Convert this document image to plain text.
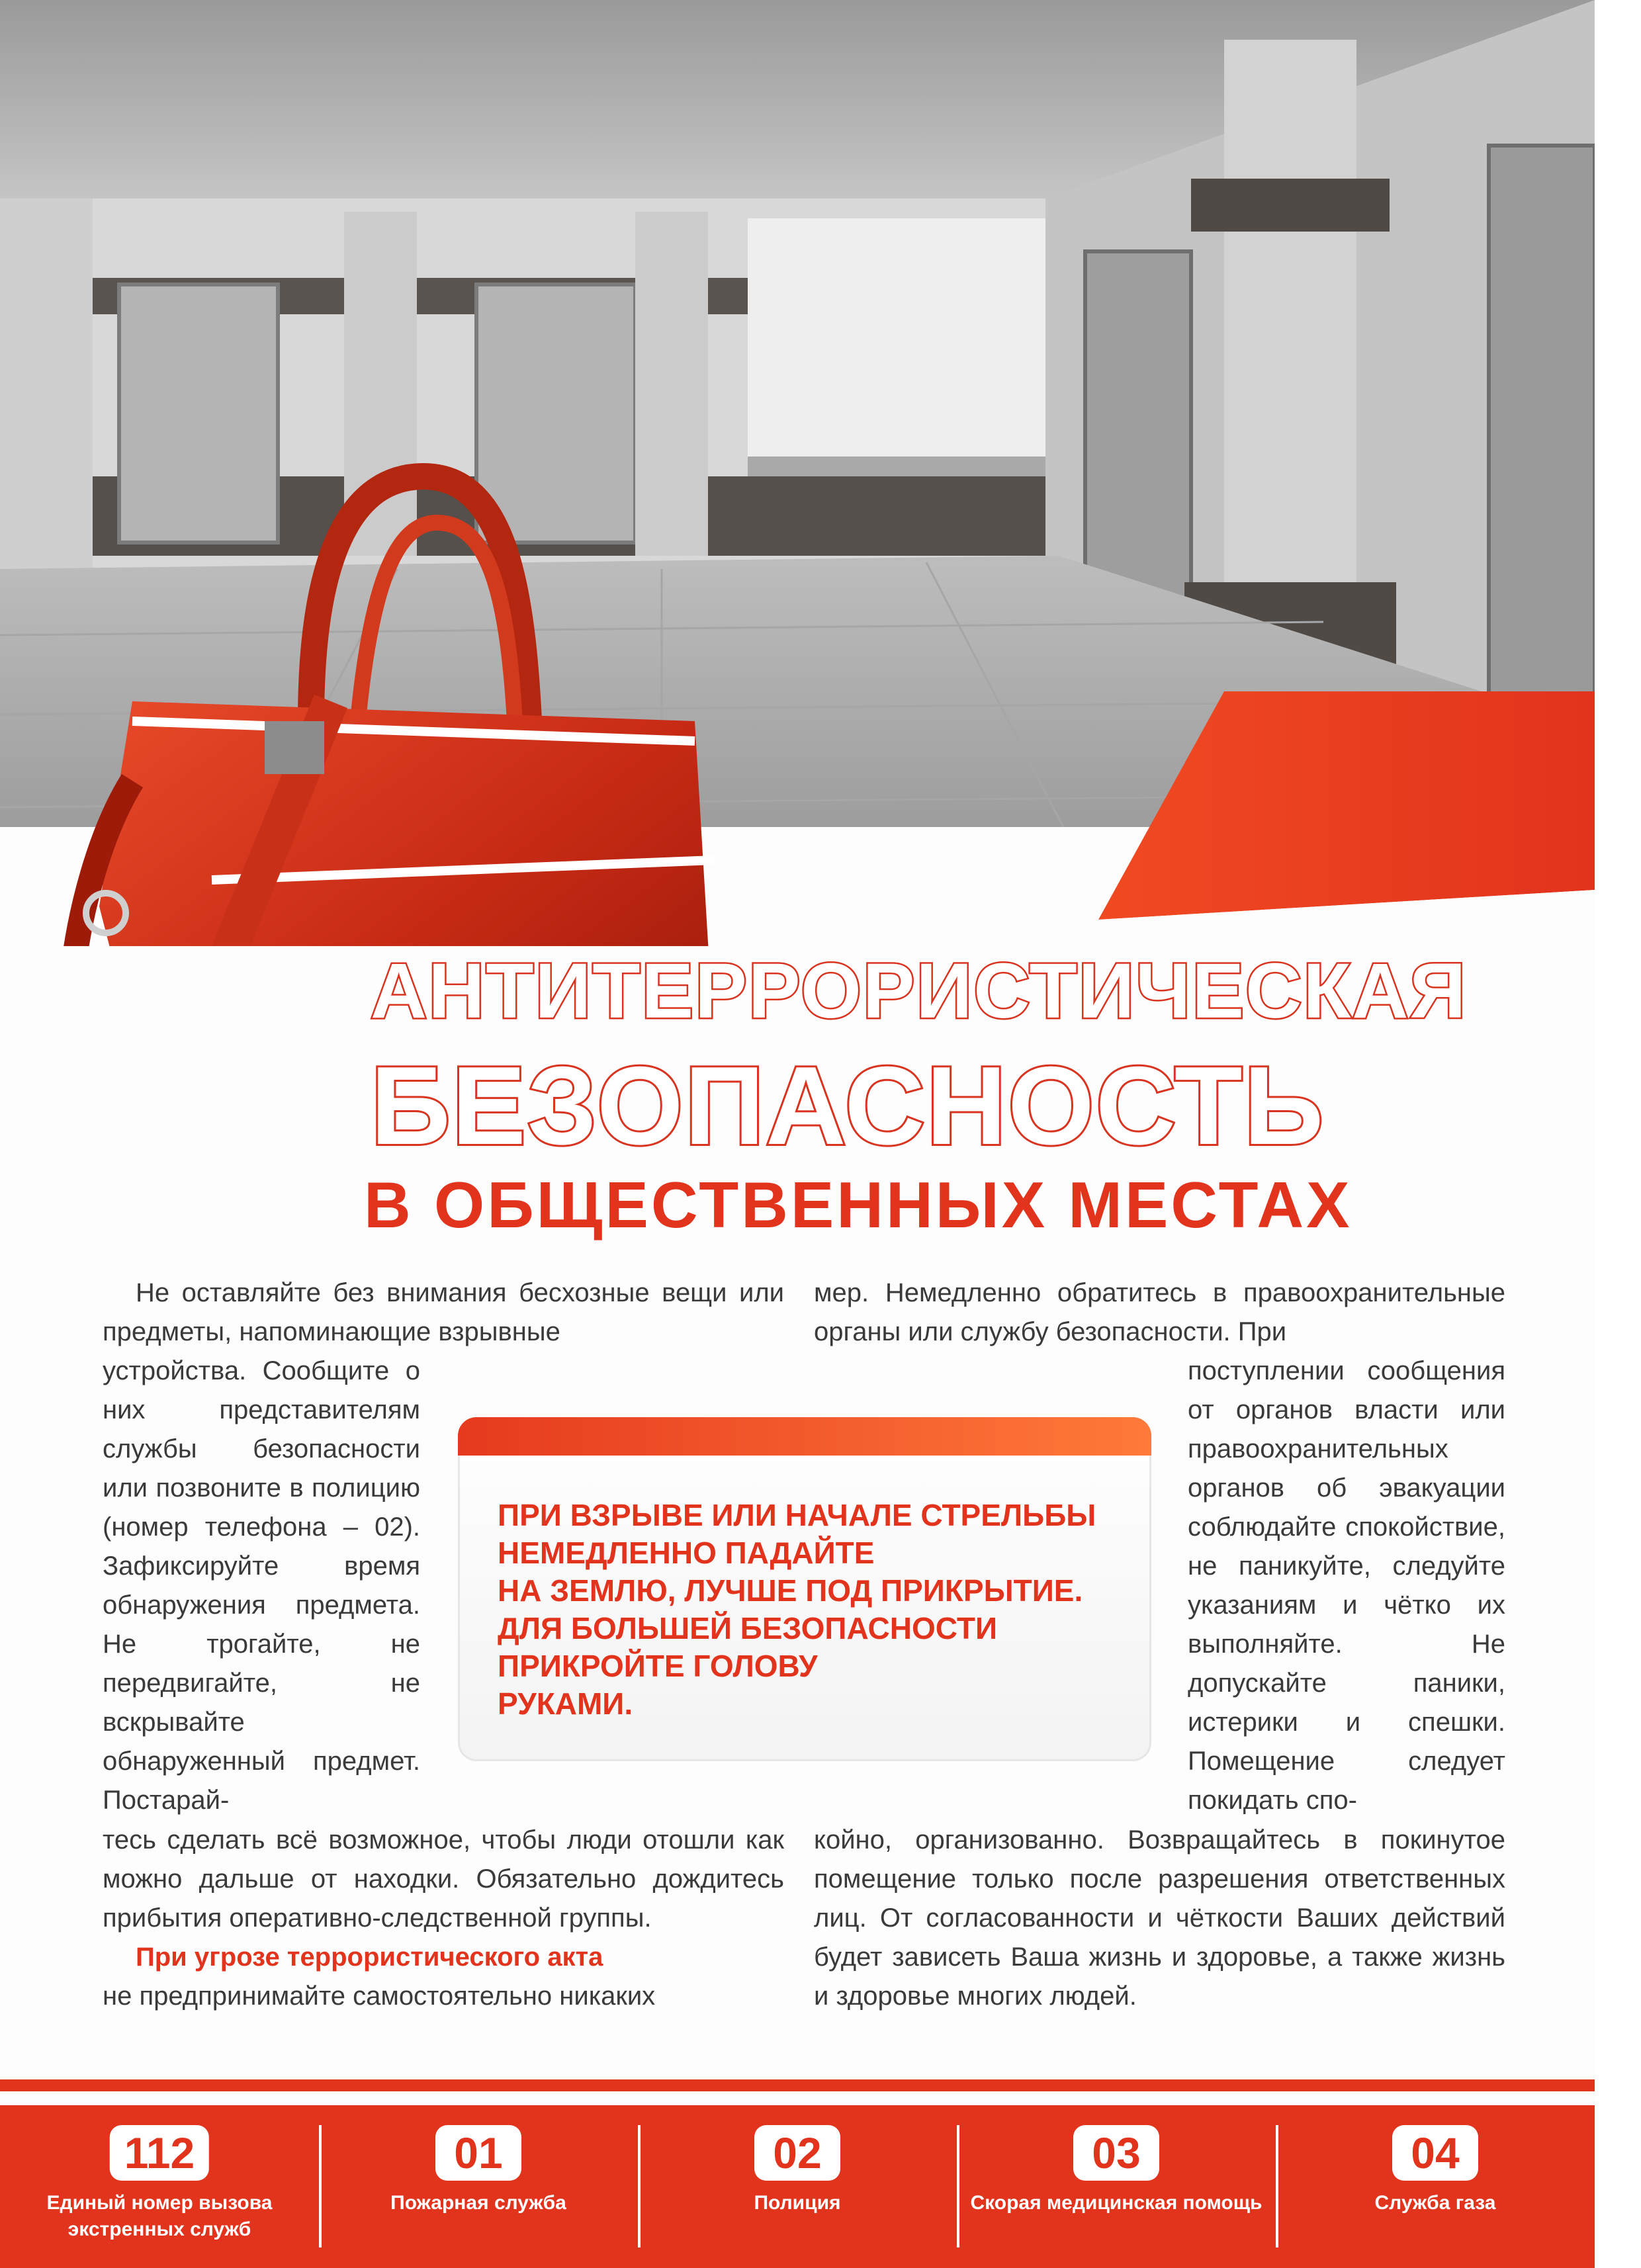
АНТИТЕРРОРИСТИЧЕСКАЯ
БЕЗОПАСНОСТЬ
В ОБЩЕСТВЕННЫХ МЕСТАХ
Не оставляйте без внимания бесхозные вещи или предметы, напоминающие взрывные
устройства. Сообщите о них представителям службы безопасности или позвоните в полицию (номер телефона – 02). Зафиксируйте время обнаружения предмета. Не трогайте, не передвигайте, не вскрывайте обнаруженный предмет. Постарай-

тесь сделать всё возможное, чтобы люди отошли как можно дальше от находки. Обязательно дождитесь прибытия оперативно-следственной группы.

При угрозе террористического акта

не предпринимайте самостоятельно никаких

мер. Немедленно обратитесь в правоохранительные органы или службу безопасности. При
поступлении сообщения от органов власти или правоохранительных органов об эвакуации соблюдайте спокойствие, не паникуйте, следуйте указаниям и чётко их выполняйте. Не допускайте паники, истерики и спешки. Помещение следует покидать спо-
койно, организованно. Возвращайтесь в покинутое помещение только после разрешения ответственных лиц. От согласованности и чёткости Ваших действий будет зависеть Ваша жизнь и здоровье, а также жизнь и здоровье многих людей.
ПРИ ВЗРЫВЕ ИЛИ НАЧАЛЕ СТРЕЛЬБЫ
НЕМЕДЛЕННО ПАДАЙТЕ
НА ЗЕМЛЮ, ЛУЧШЕ ПОД ПРИКРЫТИЕ.
ДЛЯ БОЛЬШЕЙ БЕЗОПАСНОСТИ
ПРИКРОЙТЕ ГОЛОВУ
РУКАМИ.
112
Единый номер вызова экстренных служб
01
Пожарная служба
02
Полиция
03
Скорая медицинская помощь
04
Служба газа
